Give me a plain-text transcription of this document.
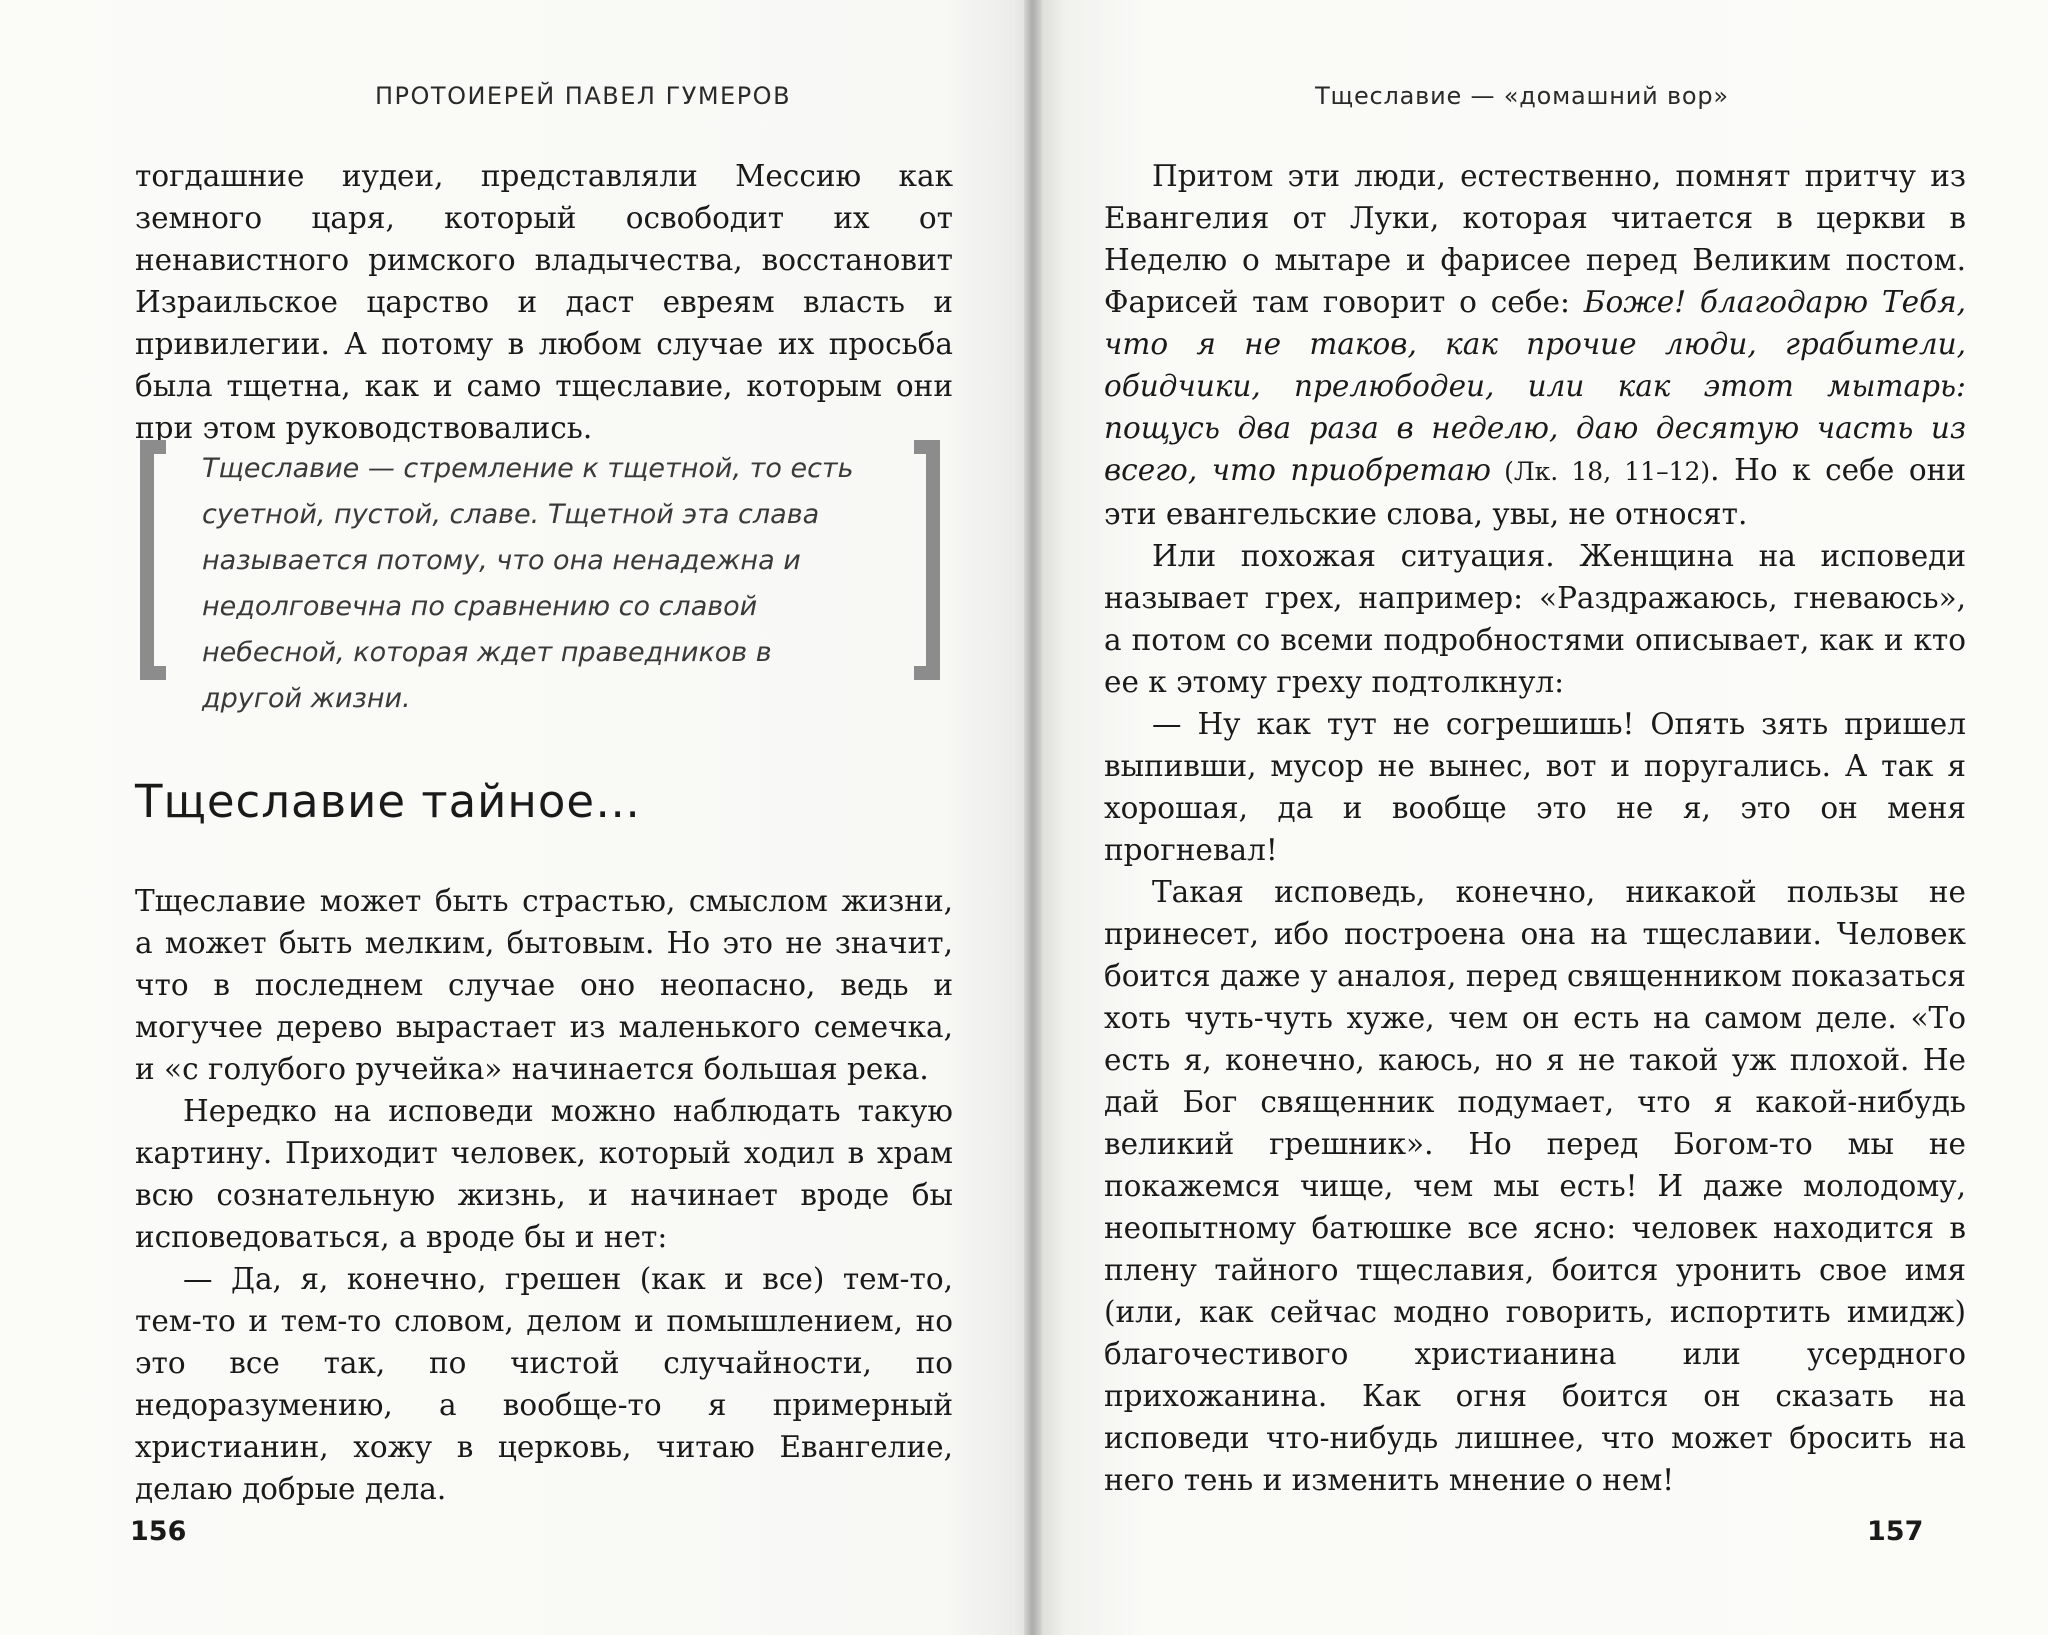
ПРОТОИЕРЕЙ ПАВЕЛ ГУМЕРОВ

тогдашние иудеи, представляли Мессию как земного царя, который освободит их от ненавистного римского владычества, восстановит Израильское царство и даст евреям власть и привилегии. А потому в любом случае их просьба была тщетна, как и само тщеславие, которым они при этом руководствовались.

Тщеславие — стремление к тщетной, то есть суетной, пустой, славе. Тщетной эта слава называется потому, что она ненадежна и недолговечна по сравнению со славой небесной, которая ждет праведников в другой жизни.
Тщеславие тайное…

Тщеславие может быть страстью, смыслом жизни, а может быть мелким, бытовым. Но это не значит, что в последнем случае оно неопасно, ведь и могучее дерево вырастает из маленького семечка, и «с голубого ручейка» начинается большая река.

Нередко на исповеди можно наблюдать такую картину. Приходит человек, который ходил в храм всю сознательную жизнь, и начинает вроде бы исповедоваться, а вроде бы и нет:

— Да, я, конечно, грешен (как и все) тем-то, тем-то и тем-то словом, делом и помышлением, но это все так, по чистой случайности, по недоразумению, а вообще-то я примерный христианин, хожу в церковь, читаю Евангелие, делаю добрые дела.

156
Тщеславие — «домашний вор»

Притом эти люди, естественно, помнят притчу из Евангелия от Луки, которая читается в церкви в Неделю о мытаре и фарисее перед Великим постом. Фарисей там говорит о себе: Боже! благодарю Тебя, что я не таков, как прочие люди, грабители, обидчики, прелюбодеи, или как этот мытарь: пощусь два раза в неделю, даю десятую часть из всего, что приобретаю (Лк. 18, 11–12). Но к себе они эти евангельские слова, увы, не относят.

Или похожая ситуация. Женщина на исповеди называет грех, например: «Раздражаюсь, гневаюсь», а потом со всеми подробностями описывает, как и кто ее к этому греху подтолкнул:

— Ну как тут не согрешишь! Опять зять пришел выпивши, мусор не вынес, вот и поругались. А так я хорошая, да и вообще это не я, это он меня прогневал!

Такая исповедь, конечно, никакой пользы не принесет, ибо построена она на тщеславии. Человек боится даже у аналоя, перед священником показаться хоть чуть-чуть хуже, чем он есть на самом деле. «То есть я, конечно, каюсь, но я не такой уж плохой. Не дай Бог священник подумает, что я какой-нибудь великий грешник». Но перед Богом-то мы не покажемся чище, чем мы есть! И даже молодому, неопытному батюшке все ясно: человек находится в плену тайного тщеславия, боится уронить свое имя (или, как сейчас модно говорить, испортить имидж) благочестивого христианина или усердного прихожанина. Как огня боится он сказать на исповеди что-нибудь лишнее, что может бросить на него тень и изменить мнение о нем!

157
